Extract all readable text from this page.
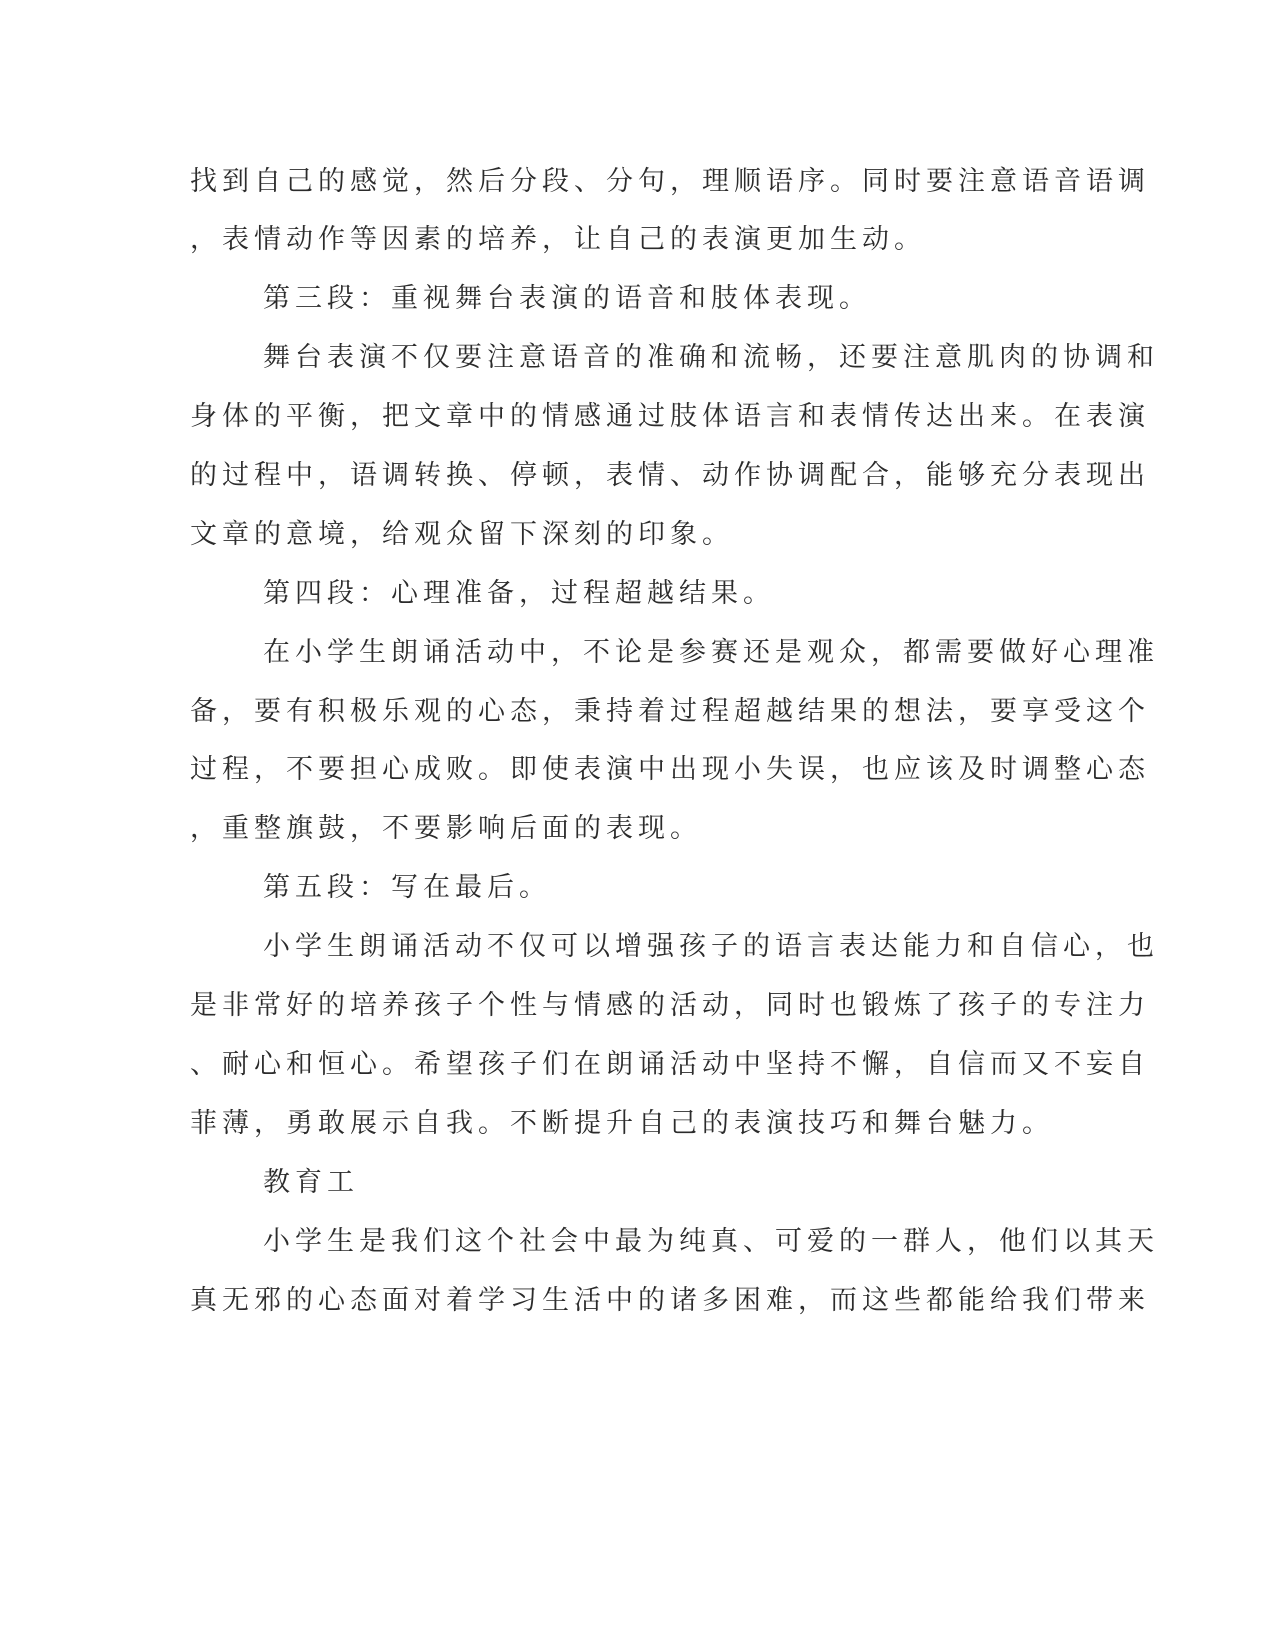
找到自己的感觉，然后分段、分句，理顺语序。同时要注意语音语调

，表情动作等因素的培养，让自己的表演更加生动。

第三段：重视舞台表演的语音和肢体表现。

舞台表演不仅要注意语音的准确和流畅，还要注意肌肉的协调和

身体的平衡，把文章中的情感通过肢体语言和表情传达出来。在表演

的过程中，语调转换、停顿，表情、动作协调配合，能够充分表现出

文章的意境，给观众留下深刻的印象。

第四段：心理准备，过程超越结果。

在小学生朗诵活动中，不论是参赛还是观众，都需要做好心理准

备，要有积极乐观的心态，秉持着过程超越结果的想法，要享受这个

过程，不要担心成败。即使表演中出现小失误，也应该及时调整心态

，重整旗鼓，不要影响后面的表现。

第五段：写在最后。

小学生朗诵活动不仅可以增强孩子的语言表达能力和自信心，也

是非常好的培养孩子个性与情感的活动，同时也锻炼了孩子的专注力

、耐心和恒心。希望孩子们在朗诵活动中坚持不懈，自信而又不妄自

菲薄，勇敢展示自我。不断提升自己的表演技巧和舞台魅力。

教育工

小学生是我们这个社会中最为纯真、可爱的一群人，他们以其天

真无邪的心态面对着学习生活中的诸多困难，而这些都能给我们带来
